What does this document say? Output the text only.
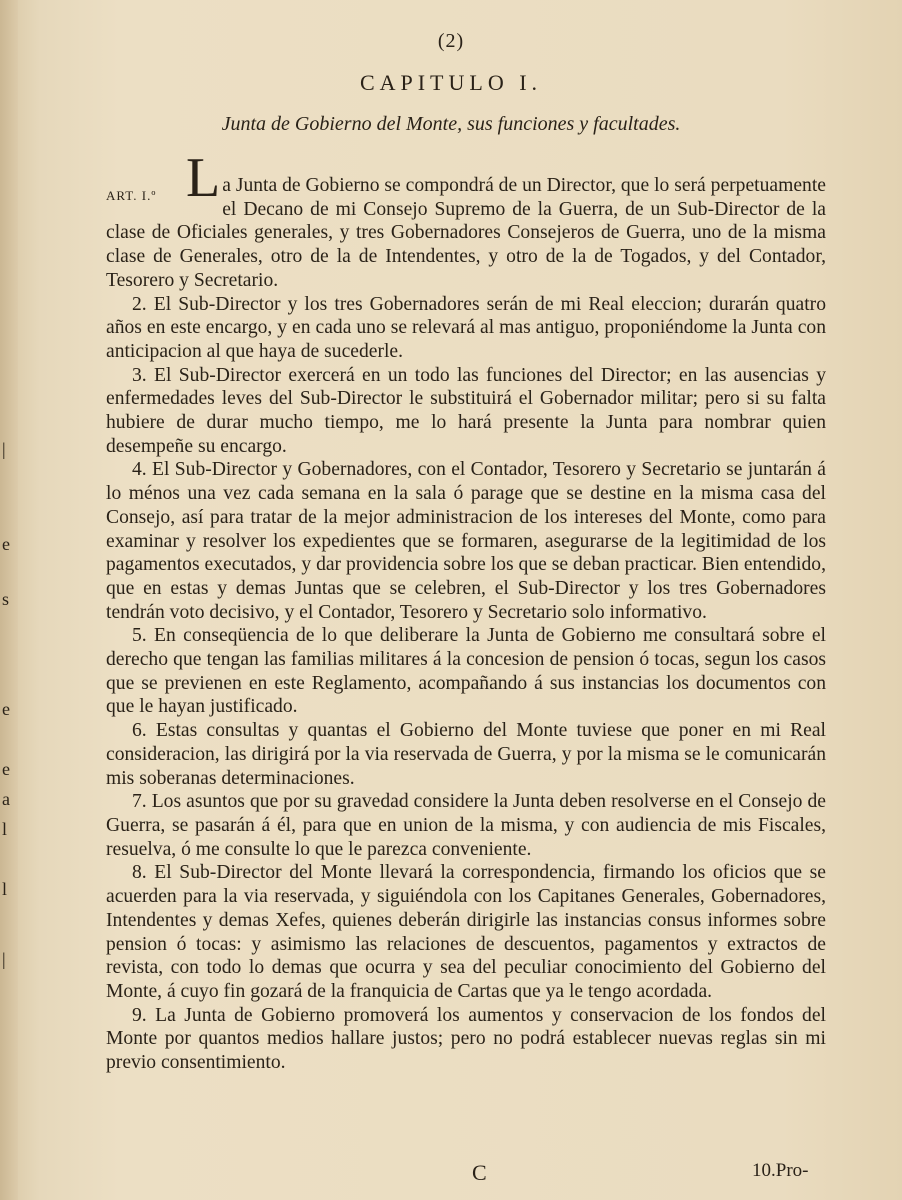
|
e
s
e
e
a
l
l
|
(2)
CAPITULO I.
Junta de Gobierno del Monte, sus funciones y facultades.

L
ART. I.º	a Junta de Gobierno se compondrá de un Director, que lo será perpetuamente el Decano de mi Consejo Supremo de la Guerra, de un Sub-Director de la clase de Oficiales generales, y tres Gobernadores Consejeros de Guerra, uno de la misma clase de Generales, otro de la de Intendentes, y otro de la de Togados, y del Contador, Tesorero y Secretario.

2. El Sub-Director y los tres Gobernadores serán de mi Real eleccion; durarán quatro años en este encargo, y en cada uno se relevará al mas antiguo, proponiéndome la Junta con anticipacion al que haya de sucederle.

3. El Sub-Director exercerá en un todo las funciones del Director; en las ausencias y enfermedades leves del Sub-Director le substituirá el Gobernador militar; pero si su falta hubiere de durar mucho tiempo, me lo hará presente la Junta para nombrar quien desempeñe su encargo.

4. El Sub-Director y Gobernadores, con el Contador, Tesorero y Secretario se juntarán á lo ménos una vez cada semana en la sala ó parage que se destine en la misma casa del Consejo, así para tratar de la mejor administracion de los intereses del Monte, como para examinar y resolver los expedientes que se formaren, asegurarse de la legitimidad de los pagamentos executados, y dar providencia sobre los que se deban practicar. Bien entendido, que en estas y demas Juntas que se celebren, el Sub-Director y los tres Gobernadores tendrán voto decisivo, y el Contador, Tesorero y Secretario solo informativo.

5. En conseqüencia de lo que deliberare la Junta de Gobierno me consultará sobre el derecho que tengan las familias militares á la concesion de pension ó tocas, segun los casos que se previenen en este Reglamento, acompañando á sus instancias los documentos con que le hayan justificado.

6. Estas consultas y quantas el Gobierno del Monte tuviese que poner en mi Real consideracion, las dirigirá por la via reservada de Guerra, y por la misma se le comunicarán mis soberanas determinaciones.

7. Los asuntos que por su gravedad considere la Junta deben resolverse en el Consejo de Guerra, se pasarán á él, para que en union de la misma, y con audiencia de mis Fiscales, resuelva, ó me consulte lo que le parezca conveniente.

8. El Sub-Director del Monte llevará la correspondencia, firmando los oficios que se acuerden para la via reservada, y siguiéndola con los Capitanes Generales, Gobernadores, Intendentes y demas Xefes, quienes deberán dirigirle las instancias consus informes sobre pension ó tocas: y asimismo las relaciones de descuentos, pagamentos y extractos de revista, con todo lo demas que ocurra y sea del peculiar conocimiento del Gobierno del Monte, á cuyo fin gozará de la franquicia de Cartas que ya le tengo acordada.

9. La Junta de Gobierno promoverá los aumentos y conservacion de los fondos del Monte por quantos medios hallare justos; pero no podrá establecer nuevas reglas sin mi previo consentimiento.

C	10.Pro-
